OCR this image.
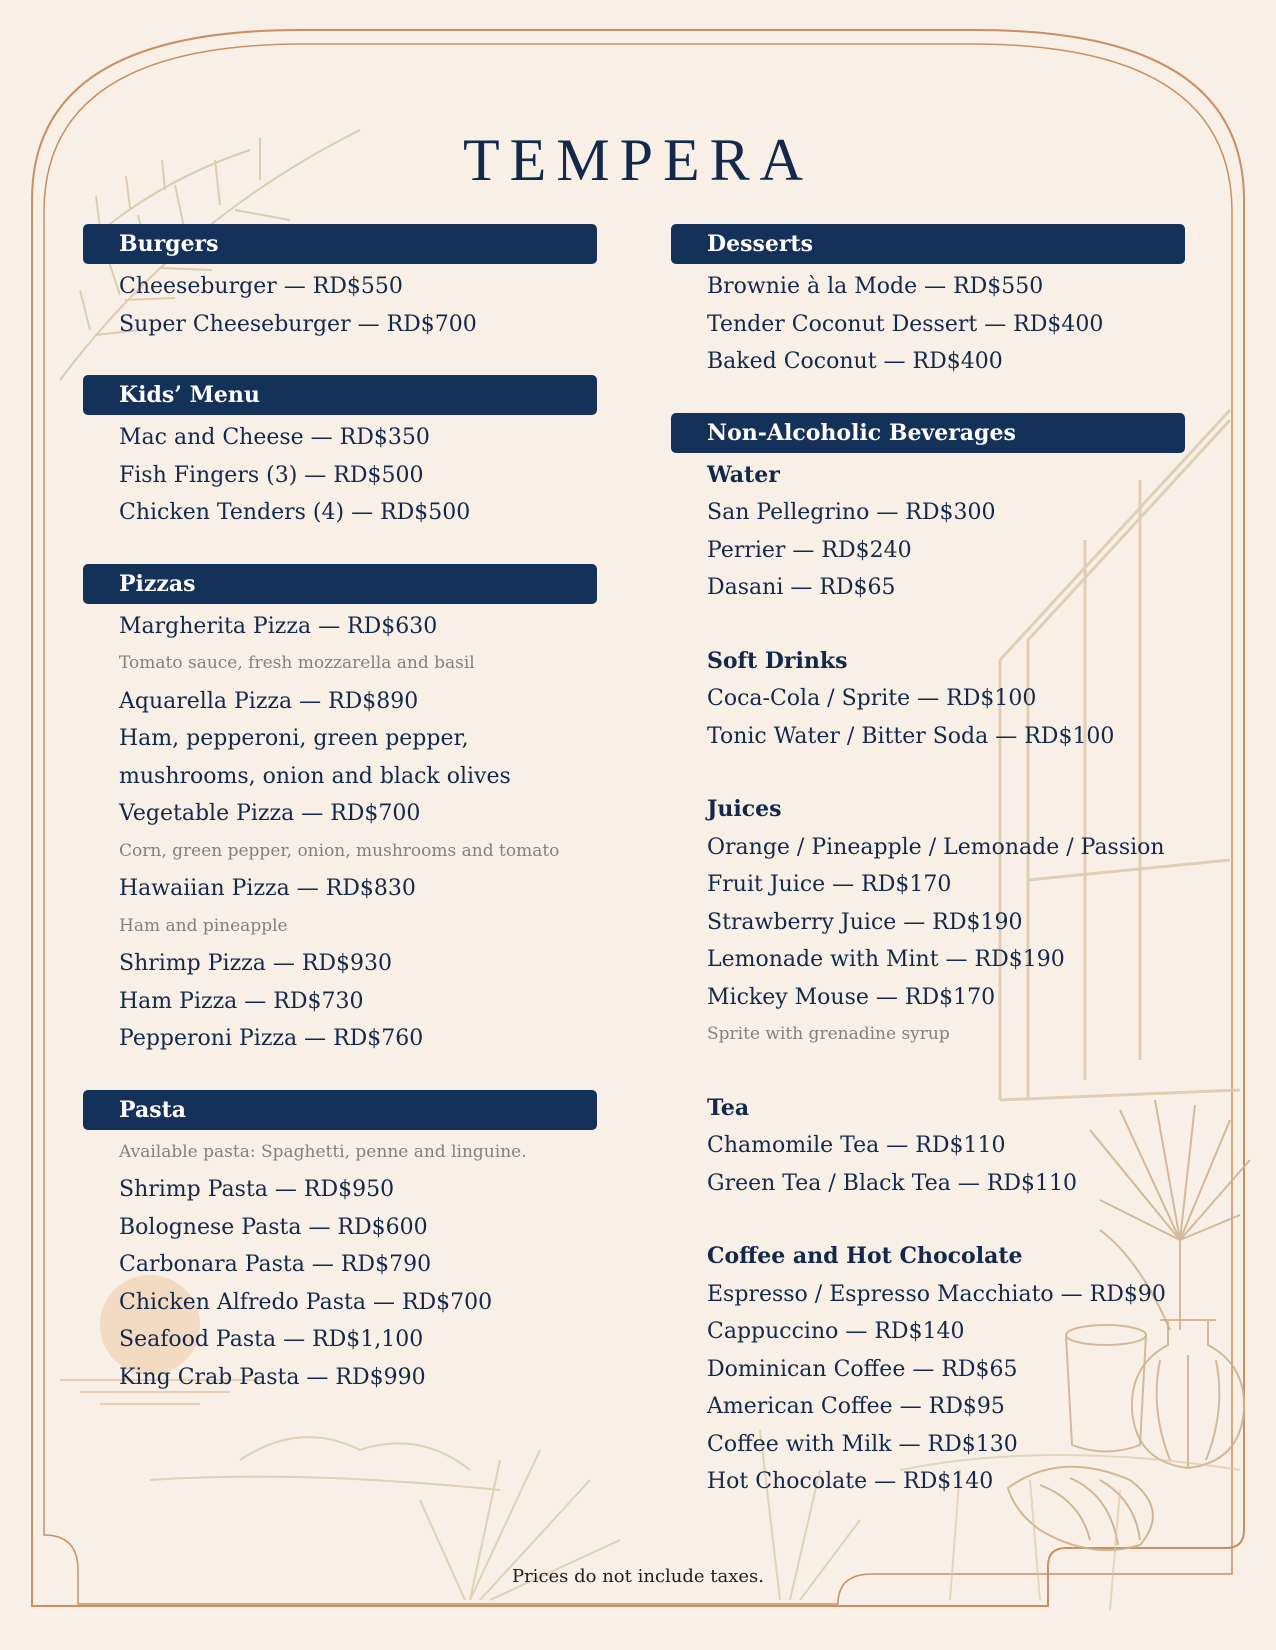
TEMPERA
Burgers
Cheeseburger — RD$550
Super Cheeseburger — RD$700
Kids’ Menu
Mac and Cheese — RD$350
Fish Fingers (3) — RD$500
Chicken Tenders (4) — RD$500
Pizzas
Margherita Pizza — RD$630
Tomato sauce, fresh mozzarella and basil
Aquarella Pizza — RD$890
Ham, pepperoni, green pepper, mushrooms, onion and black olives
Vegetable Pizza — RD$700
Corn, green pepper, onion, mushrooms and tomato
Hawaiian Pizza — RD$830
Ham and pineapple
Shrimp Pizza — RD$930
Ham Pizza — RD$730
Pepperoni Pizza — RD$760
Pasta
Available pasta: Spaghetti, penne and linguine.
Shrimp Pasta — RD$950
Bolognese Pasta — RD$600
Carbonara Pasta — RD$790
Chicken Alfredo Pasta — RD$700
Seafood Pasta — RD$1,100
King Crab Pasta — RD$990
Desserts
Brownie à la Mode — RD$550
Tender Coconut Dessert — RD$400
Baked Coconut — RD$400
Non-Alcoholic Beverages
Water
San Pellegrino — RD$300
Perrier — RD$240
Dasani — RD$65
Soft Drinks
Coca-Cola / Sprite — RD$100
Tonic Water / Bitter Soda — RD$100
Juices
Orange / Pineapple / Lemonade / Passion
Fruit Juice — RD$170
Strawberry Juice — RD$190
Lemonade with Mint — RD$190
Mickey Mouse — RD$170
Sprite with grenadine syrup
Tea
Chamomile Tea — RD$110
Green Tea / Black Tea — RD$110
Coffee and Hot Chocolate
Espresso / Espresso Macchiato — RD$90
Cappuccino — RD$140
Dominican Coffee — RD$65
American Coffee — RD$95
Coffee with Milk — RD$130
Hot Chocolate — RD$140
Prices do not include taxes.
